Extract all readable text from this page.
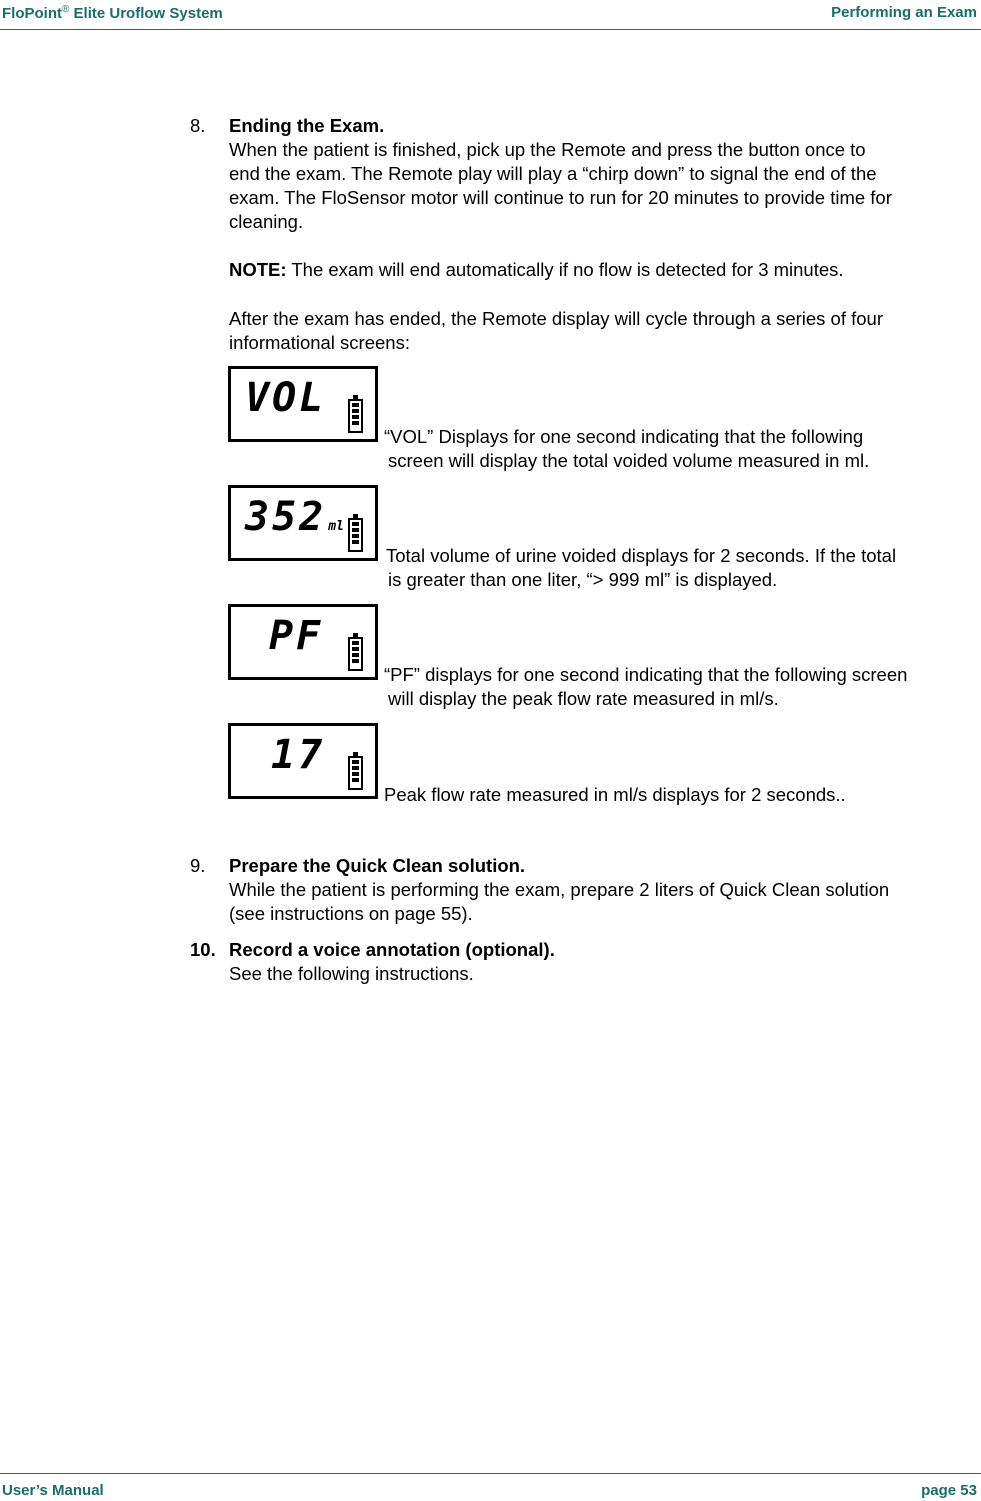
FloPoint® Elite Uroflow System	Performing an Exam
8. Ending the Exam.
When the patient is finished, pick up the Remote and press the button once to
end the exam. The Remote play will play a “chirp down” to signal the end of the
exam. The FloSensor motor will continue to run for 20 minutes to provide time for
cleaning.
NOTE: The exam will end automatically if no flow is detected for 3 minutes.
After the exam has ended, the Remote display will cycle through a series of four
informational screens:
VOL
“VOL” Displays for one second indicating that the following
screen will display the total voided volume measured in ml.
352 ml
Total volume of urine voided displays for 2 seconds. If the total
is greater than one liter, “> 999 ml” is displayed.
PF
“PF” displays for one second indicating that the following screen
will display the peak flow rate measured in ml/s.
17
Peak flow rate measured in ml/s displays for 2 seconds..
9. Prepare the Quick Clean solution.
While the patient is performing the exam, prepare 2 liters of Quick Clean solution
(see instructions on page 55).
10. Record a voice annotation (optional).
See the following instructions.
User’s Manual	page 53
